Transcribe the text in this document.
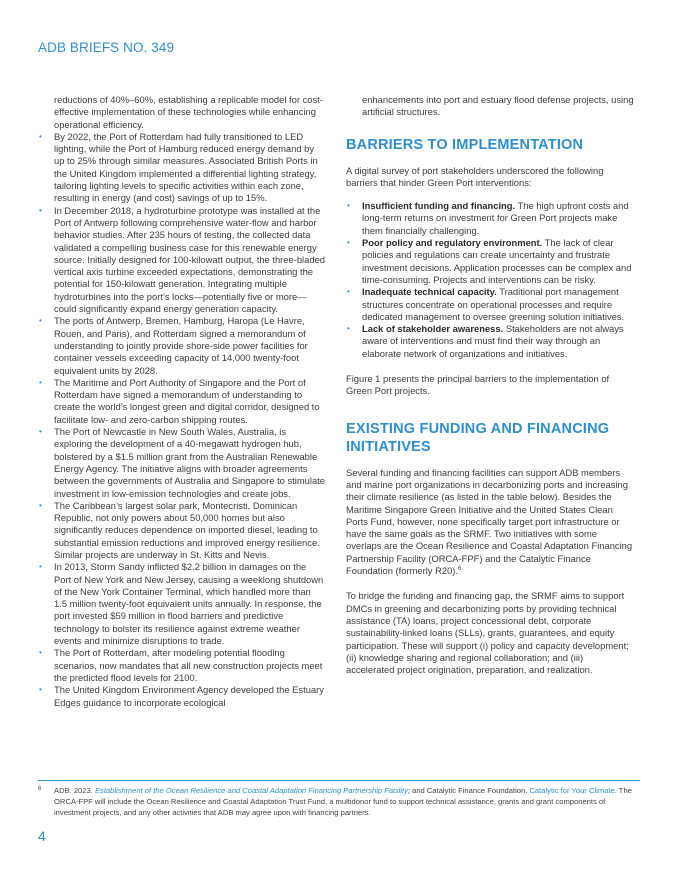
ADB BRIEFS NO. 349

reductions of 40%–60%, establishing a replicable model for cost-effective implementation of these technologies while enhancing operational efficiency.

• By 2022, the Port of Rotterdam had fully transitioned to LED lighting, while the Port of Hamburg reduced energy demand by up to 25% through similar measures. Associated British Ports in the United Kingdom implemented a differential lighting strategy, tailoring lighting levels to specific activities within each zone, resulting in energy (and cost) savings of up to 15%.
• In December 2018, a hydroturbine prototype was installed at the Port of Antwerp following comprehensive water-flow and harbor behavior studies. After 235 hours of testing, the collected data validated a compelling business case for this renewable energy source. Initially designed for 100-kilowatt output, the three-bladed vertical axis turbine exceeded expectations, demonstrating the potential for 150-kilowatt generation. Integrating multiple hydroturbines into the port’s locks—potentially five or more—could significantly expand energy generation capacity.
• The ports of Antwerp, Bremen, Hamburg, Haropa (Le Havre, Rouen, and Paris), and Rotterdam signed a memorandum of understanding to jointly provide shore-side power facilities for container vessels exceeding capacity of 14,000 twenty-foot equivalent units by 2028.
• The Maritime and Port Authority of Singapore and the Port of Rotterdam have signed a memorandum of understanding to create the world’s longest green and digital corridor, designed to facilitate low- and zero-carbon shipping routes.
• The Port of Newcastle in New South Wales, Australia, is exploring the development of a 40-megawatt hydrogen hub, bolstered by a $1.5 million grant from the Australian Renewable Energy Agency. The initiative aligns with broader agreements between the governments of Australia and Singapore to stimulate investment in low-emission technologies and create jobs.
• The Caribbean’s largest solar park, Montecristi, Dominican Republic, not only powers about 50,000 homes but also significantly reduces dependence on imported diesel, leading to substantial emission reductions and improved energy resilience. Similar projects are underway in St. Kitts and Nevis.
• In 2013, Storm Sandy inflicted $2.2 billion in damages on the Port of New York and New Jersey, causing a weeklong shutdown of the New York Container Terminal, which handled more than 1.5 million twenty-foot equivalent units annually. In response, the port invested $59 million in flood barriers and predictive technology to bolster its resilience against extreme weather events and minimize disruptions to trade.
• The Port of Rotterdam, after modeling potential flooding scenarios, now mandates that all new construction projects meet the predicted flood levels for 2100.
• The United Kingdom Environment Agency developed the Estuary Edges guidance to incorporate ecological

enhancements into port and estuary flood defense projects, using artificial structures.

BARRIERS TO IMPLEMENTATION

A digital survey of port stakeholders underscored the following barriers that hinder Green Port interventions:

• Insufficient funding and financing. The high upfront costs and long-term returns on investment for Green Port projects make them financially challenging.
• Poor policy and regulatory environment. The lack of clear policies and regulations can create uncertainty and frustrate investment decisions. Application processes can be complex and time-consuming. Projects and interventions can be risky.
• Inadequate technical capacity. Traditional port management structures concentrate on operational processes and require dedicated management to oversee greening solution initiatives.
• Lack of stakeholder awareness. Stakeholders are not always aware of interventions and must find their way through an elaborate network of organizations and initiatives.

Figure 1 presents the principal barriers to the implementation of Green Port projects.

EXISTING FUNDING AND FINANCING INITIATIVES

Several funding and financing facilities can support ADB members and marine port organizations in decarbonizing ports and increasing their climate resilience (as listed in the table below). Besides the Maritime Singapore Green Initiative and the United States Clean Ports Fund, however, none specifically target port infrastructure or have the same goals as the SRMF. Two initiatives with some overlaps are the Ocean Resilience and Coastal Adaptation Financing Partnership Facility (ORCA-FPF) and the Catalytic Finance Foundation (formerly R20).$^6$

To bridge the funding and financing gap, the SRMF aims to support DMCs in greening and decarbonizing ports by providing technical assistance (TA) loans, project concessional debt, corporate sustainability-linked loans (SLLs), grants, guarantees, and equity participation. These will support (i) policy and capacity development; (ii) knowledge sharing and regional collaboration; and (iii) accelerated project origination, preparation, and realization.

6 ADB. 2023. Establishment of the Ocean Resilience and Coastal Adaptation Financing Partnership Facility; and Catalytic Finance Foundation. Catalytic for Your Climate. The ORCA-FPF will include the Ocean Resilience and Coastal Adaptation Trust Fund, a multidonor fund to support technical assistance, grants and grant components of investment projects, and any other activities that ADB may agree upon with financing partners.
4
